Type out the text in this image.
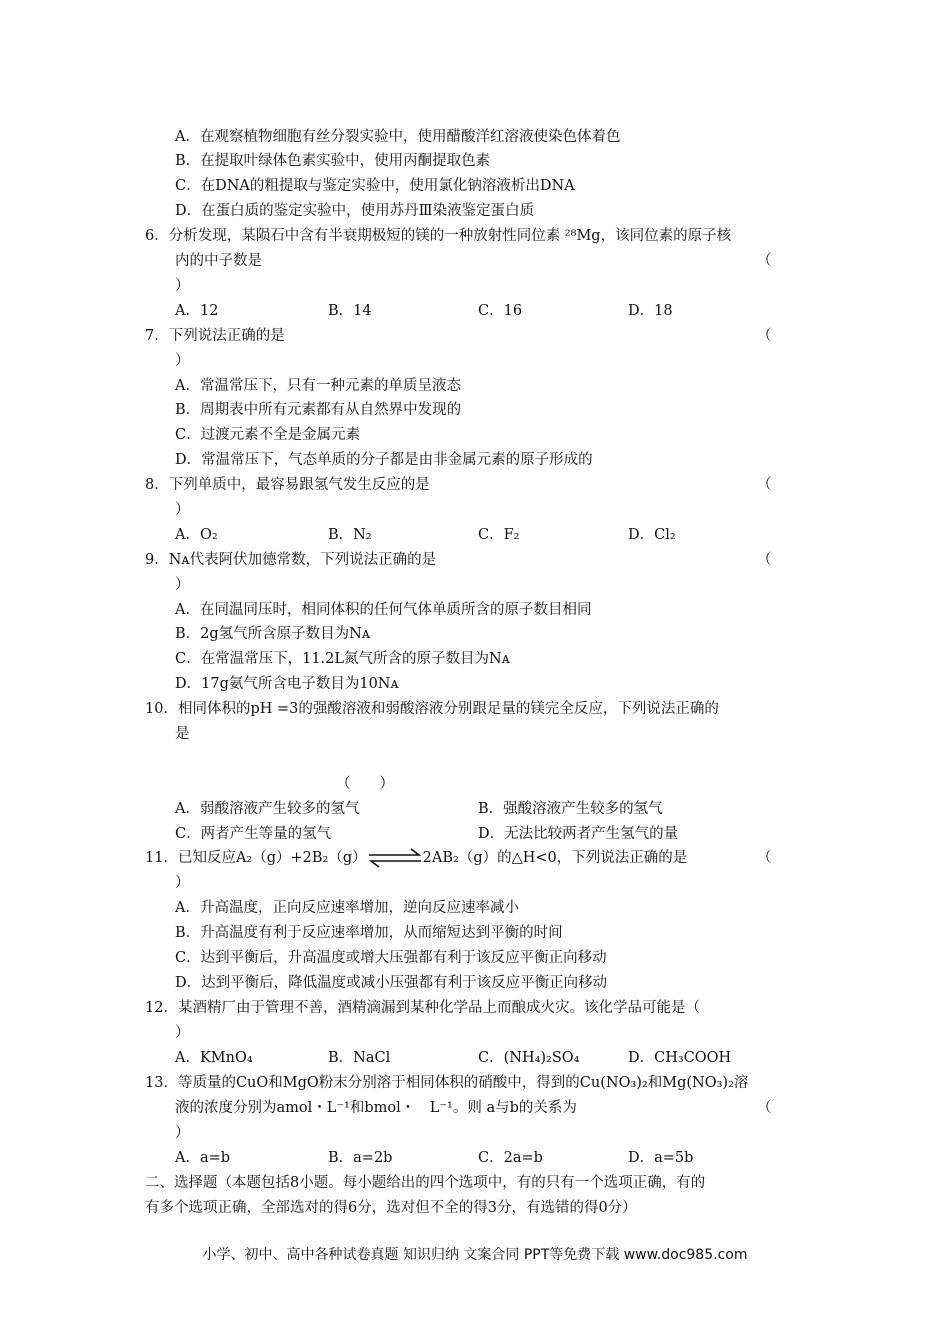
A．在观察植物细胞有丝分裂实验中，使用醋酸洋红溶液使染色体着色
B．在提取叶绿体色素实验中，使用丙酮提取色素
C．在DNA的粗提取与鉴定实验中，使用氯化钠溶液析出DNA
D．在蛋白质的鉴定实验中，使用苏丹Ⅲ染液鉴定蛋白质
6．分析发现，某陨石中含有半衰期极短的镁的一种放射性同位素 ²⁸Mg，该同位素的原子核
内的中子数是	（
）
A．12	B．14	C．16	D．18
7．下列说法正确的是	（
）
A．常温常压下，只有一种元素的单质呈液态
B．周期表中所有元素都有从自然界中发现的
C．过渡元素不全是金属元素
D．常温常压下，气态单质的分子都是由非金属元素的原子形成的
8．下列单质中，最容易跟氢气发生反应的是	（
）
A．O₂	B．N₂	C．F₂	D．Cl₂
9．Nᴀ代表阿伏加德常数，下列说法正确的是	（
）
A．在同温同压时，相同体积的任何气体单质所含的原子数目相同
B．2g氢气所含原子数目为Nᴀ
C．在常温常压下，11.2L氮气所含的原子数目为Nᴀ
D．17g氨气所含电子数目为10Nᴀ
10．相同体积的pH =3的强酸溶液和弱酸溶液分别跟足量的镁完全反应，下列说法正确的
是
（　　）
A．弱酸溶液产生较多的氢气	B．强酸溶液产生较多的氢气
C．两者产生等量的氢气	D．无法比较两者产生氢气的量
11．已知反应A₂（g）+2B₂（g）⇌2AB₂（g）的△H<0，下列说法正确的是	（
）
A．升高温度，正向反应速率增加，逆向反应速率减小
B．升高温度有利于反应速率增加，从而缩短达到平衡的时间
C．达到平衡后，升高温度或增大压强都有利于该反应平衡正向移动
D．达到平衡后，降低温度或减小压强都有利于该反应平衡正向移动
12．某酒精厂由于管理不善，酒精滴漏到某种化学品上而酿成火灾。该化学品可能是（
）
A．KMnO₄	B．NaCl	C．(NH₄)₂SO₄	D．CH₃COOH
13．等质量的CuO和MgO粉末分别溶于相同体积的硝酸中，得到的Cu(NO₃)₂和Mg(NO₃)₂溶
液的浓度分别为amol・L⁻¹和bmol・　L⁻¹。则 a与b的关系为	（
）
A．a=b	B．a=2b	C．2a=b	D．a=5b
二、选择题（本题包括8小题。每小题给出的四个选项中，有的只有一个选项正确，有的
有多个选项正确，全部选对的得6分，选对但不全的得3分，有选错的得0分）
小学、初中、高中各种试卷真题 知识归纳 文案合同 PPT等免费下载 www.doc985.com
